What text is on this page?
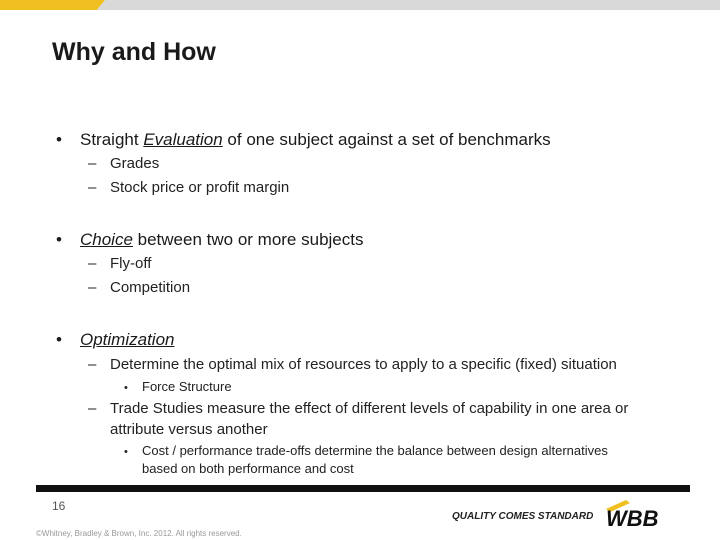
Why and How
• Straight Evaluation of one subject against a set of benchmarks
– Grades
– Stock price or profit margin
• Choice between two or more subjects
– Fly-off
– Competition
• Optimization
– Determine the optimal mix of resources to apply to a specific (fixed) situation
• Force Structure
– Trade Studies measure the effect of different levels of capability in one area or
attribute versus another
• Cost / performance trade-offs determine the balance between design alternatives
based on both performance and cost
16
©Whitney, Bradley & Brown, Inc. 2012. All rights reserved.
QUALITY COMES STANDARD WBB
